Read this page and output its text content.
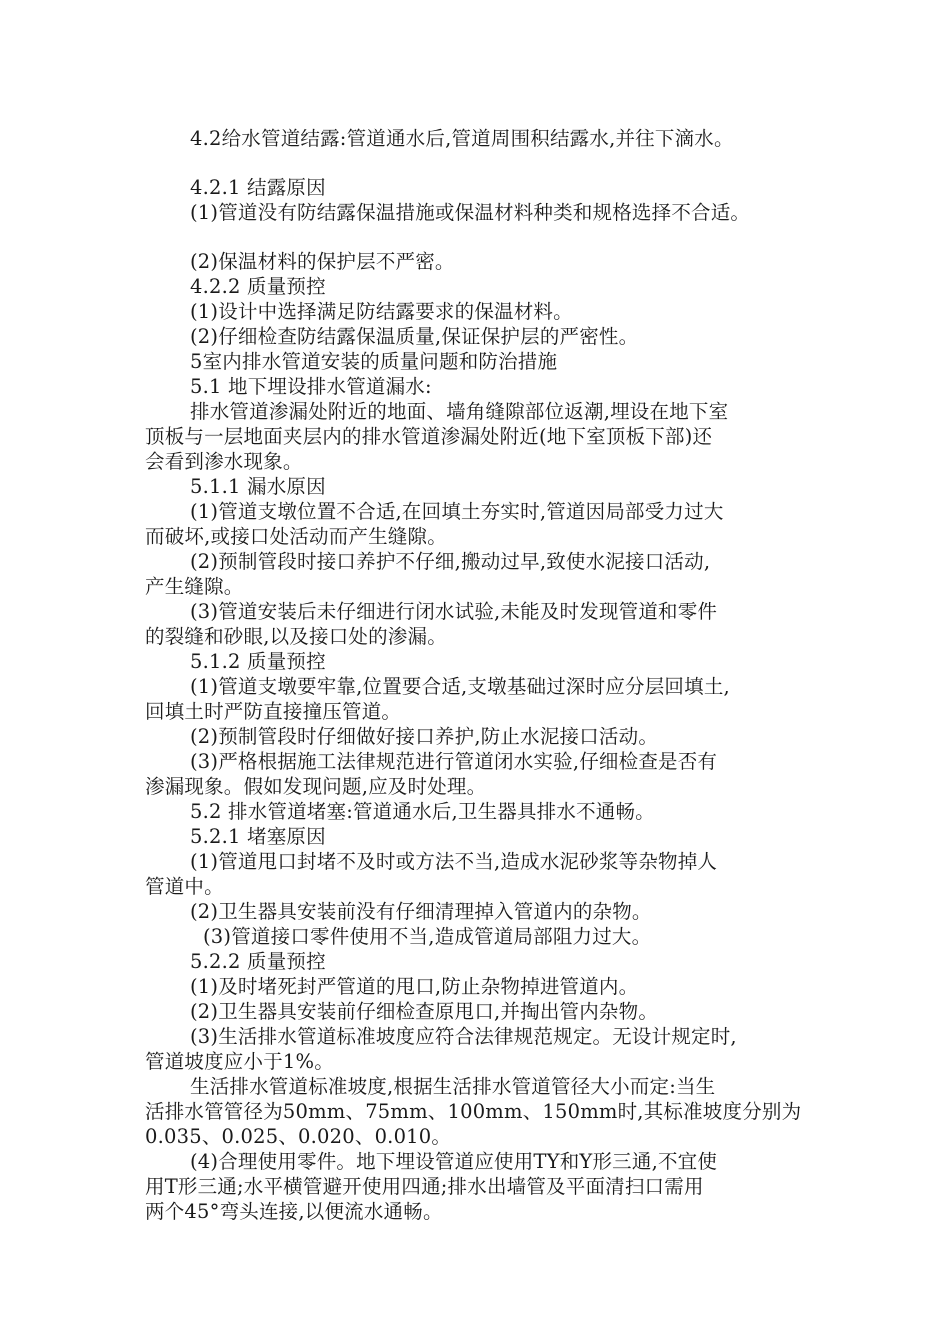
4.2给水管道结露:管道通水后,管道周围积结露水,并往下滴水。
4.2.1 结露原因
(1)管道没有防结露保温措施或保温材料种类和规格选择不合适。
(2)保温材料的保护层不严密。
4.2.2 质量预控
(1)设计中选择满足防结露要求的保温材料。
(2)仔细检查防结露保温质量,保证保护层的严密性。
5室内排水管道安装的质量问题和防治措施
5.1 地下埋设排水管道漏水:
排水管道渗漏处附近的地面、墙角缝隙部位返潮,埋设在地下室
顶板与一层地面夹层内的排水管道渗漏处附近(地下室顶板下部)还
会看到渗水现象。
5.1.1 漏水原因
(1)管道支墩位置不合适,在回填土夯实时,管道因局部受力过大
而破坏,或接口处活动而产生缝隙。
(2)预制管段时接口养护不仔细,搬动过早,致使水泥接口活动,
产生缝隙。
(3)管道安装后未仔细进行闭水试验,未能及时发现管道和零件
的裂缝和砂眼,以及接口处的渗漏。
5.1.2 质量预控
(1)管道支墩要牢靠,位置要合适,支墩基础过深时应分层回填土,
回填土时严防直接撞压管道。
(2)预制管段时仔细做好接口养护,防止水泥接口活动。
(3)严格根据施工法律规范进行管道闭水实验,仔细检查是否有
渗漏现象。假如发现问题,应及时处理。
5.2 排水管道堵塞:管道通水后,卫生器具排水不通畅。
5.2.1 堵塞原因
(1)管道甩口封堵不及时或方法不当,造成水泥砂浆等杂物掉人
管道中。
(2)卫生器具安装前没有仔细清理掉入管道内的杂物。
(3)管道接口零件使用不当,造成管道局部阻力过大。
5.2.2 质量预控
(1)及时堵死封严管道的甩口,防止杂物掉进管道内。
(2)卫生器具安装前仔细检查原甩口,并掏出管内杂物。
(3)生活排水管道标准坡度应符合法律规范规定。无设计规定时,
管道坡度应小于1%。
生活排水管道标准坡度,根据生活排水管道管径大小而定:当生
活排水管管径为50mm、75mm、100mm、150mm时,其标准坡度分别为
0.035、0.025、0.020、0.010。
(4)合理使用零件。地下埋设管道应使用TY和Y形三通,不宜使
用T形三通;水平横管避开使用四通;排水出墙管及平面清扫口需用
两个45°弯头连接,以便流水通畅。
